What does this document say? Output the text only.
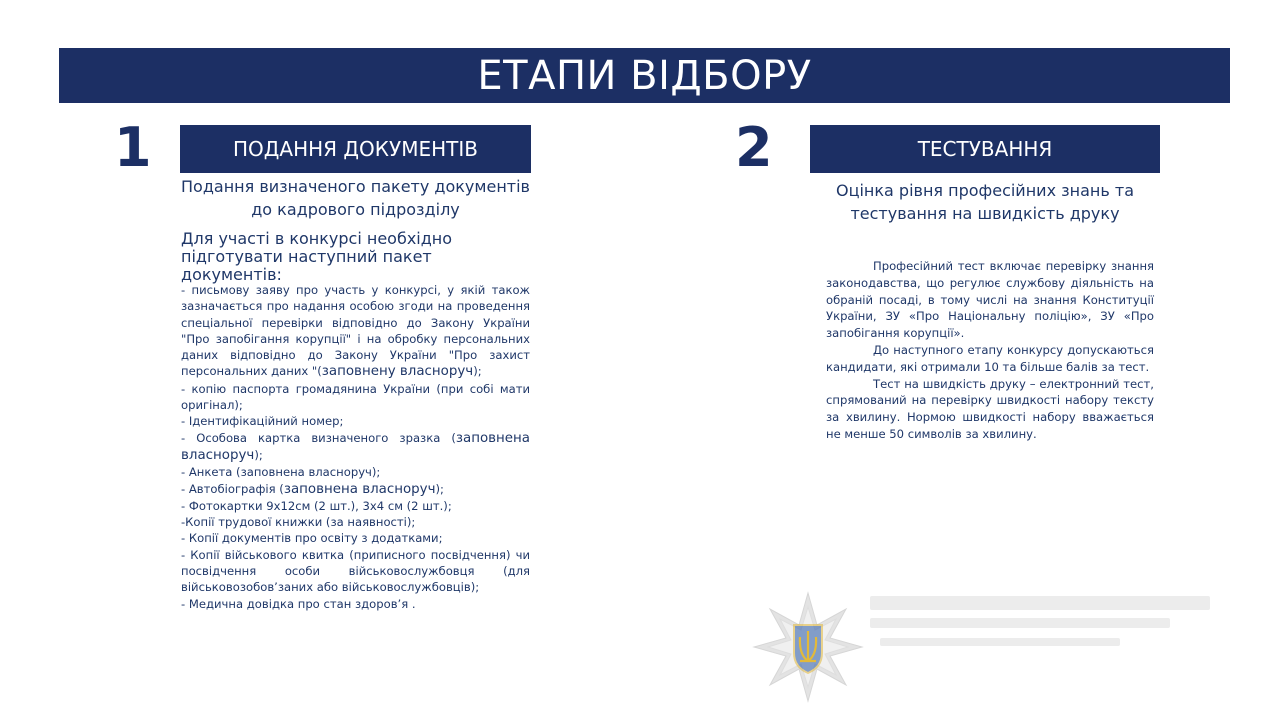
ЕТАПИ ВІДБОРУ
1	ПОДАННЯ ДОКУМЕНТІВ
Подання визначеного пакету документів
до кадрового підрозділу
Для участі в конкурсі необхідно
підготувати наступний пакет документів:

- письмову заяву про участь у конкурсі, у якій також зазначається про надання особою згоди на проведення спеціальної перевірки відповідно до Закону України "Про запобігання корупції" і на обробку персональних даних відповідно до Закону України "Про захист персональних даних "(заповнену власноруч);

- копію паспорта громадянина України (при собі мати оригінал);

- Ідентифікаційний номер;

- Особова картка визначеного зразка (заповнена власноруч);

- Анкета (заповнена власноруч);

- Автобіографія (заповнена власноруч);

- Фотокартки 9х12см (2 шт.), 3х4 см (2 шт.);

-Копії трудової книжки (за наявності);

- Копії документів про освіту з додатками;

- Копії військового квитка (приписного посвідчення) чи посвідчення особи військовослужбовця (для військовозобов’заних або військовослужбовців);

- Медична довідка про стан здоров’я .

2	ТЕСТУВАННЯ
Оцінка рівня професійних знань та
тестування на швидкість друку

Професійний тест включає перевірку знання законодавства, що регулює службову діяльність на обраній посаді, в тому числі на знання Конституції України, ЗУ «Про Національну поліцію», ЗУ «Про запобігання корупції».

До наступного етапу конкурсу допускаються кандидати, які отримали 10 та більше балів за тест.

Тест на швидкість друку – електронний тест, спрямований на перевірку швидкості набору тексту за хвилину. Нормою швидкості набору вважається не менше 50 символів за хвилину.
